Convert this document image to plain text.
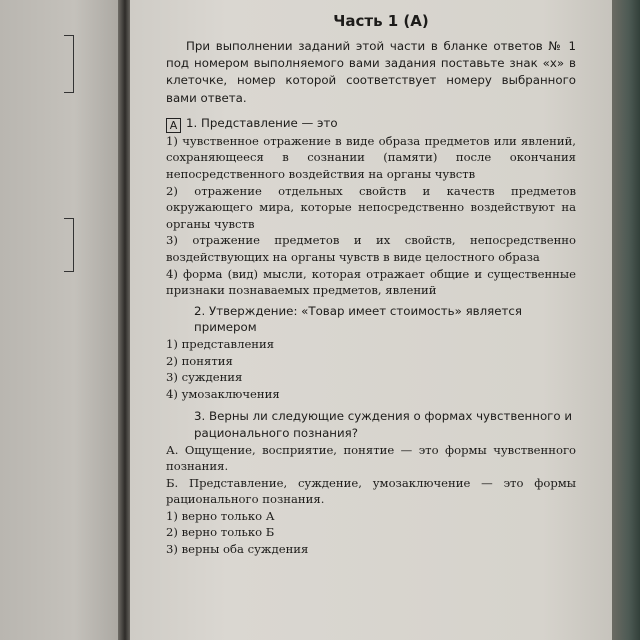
Часть 1 (А)

При выполнении заданий этой части в бланке ответов № 1 под номером выполняемого вами задания поставьте знак «х» в клеточке, номер которой соответствует номеру выбранного вами ответа.

А 1. Представление — это

1) чувственное отражение в виде образа предметов или явлений, сохраняющееся в сознании (памяти) после окончания непосредственного воздействия на органы чувств

2) отражение отдельных свойств и качеств предметов окружающего мира, которые непосредственно воздействуют на органы чувств

3) отражение предметов и их свойств, непосредственно воздействующих на органы чувств в виде целостного образа

4) форма (вид) мысли, которая отражает общие и существенные признаки познаваемых предметов, явлений

2. Утверждение: «Товар имеет стоимость» является примером

1) представления

2) понятия

3) суждения

4) умозаключения

3. Верны ли следующие суждения о формах чувственного и рационального познания?

А. Ощущение, восприятие, понятие — это формы чувственного познания.

Б. Представление, суждение, умозаключение — это формы рационального познания.

1) верно только А

2) верно только Б

3) верны оба суждения
